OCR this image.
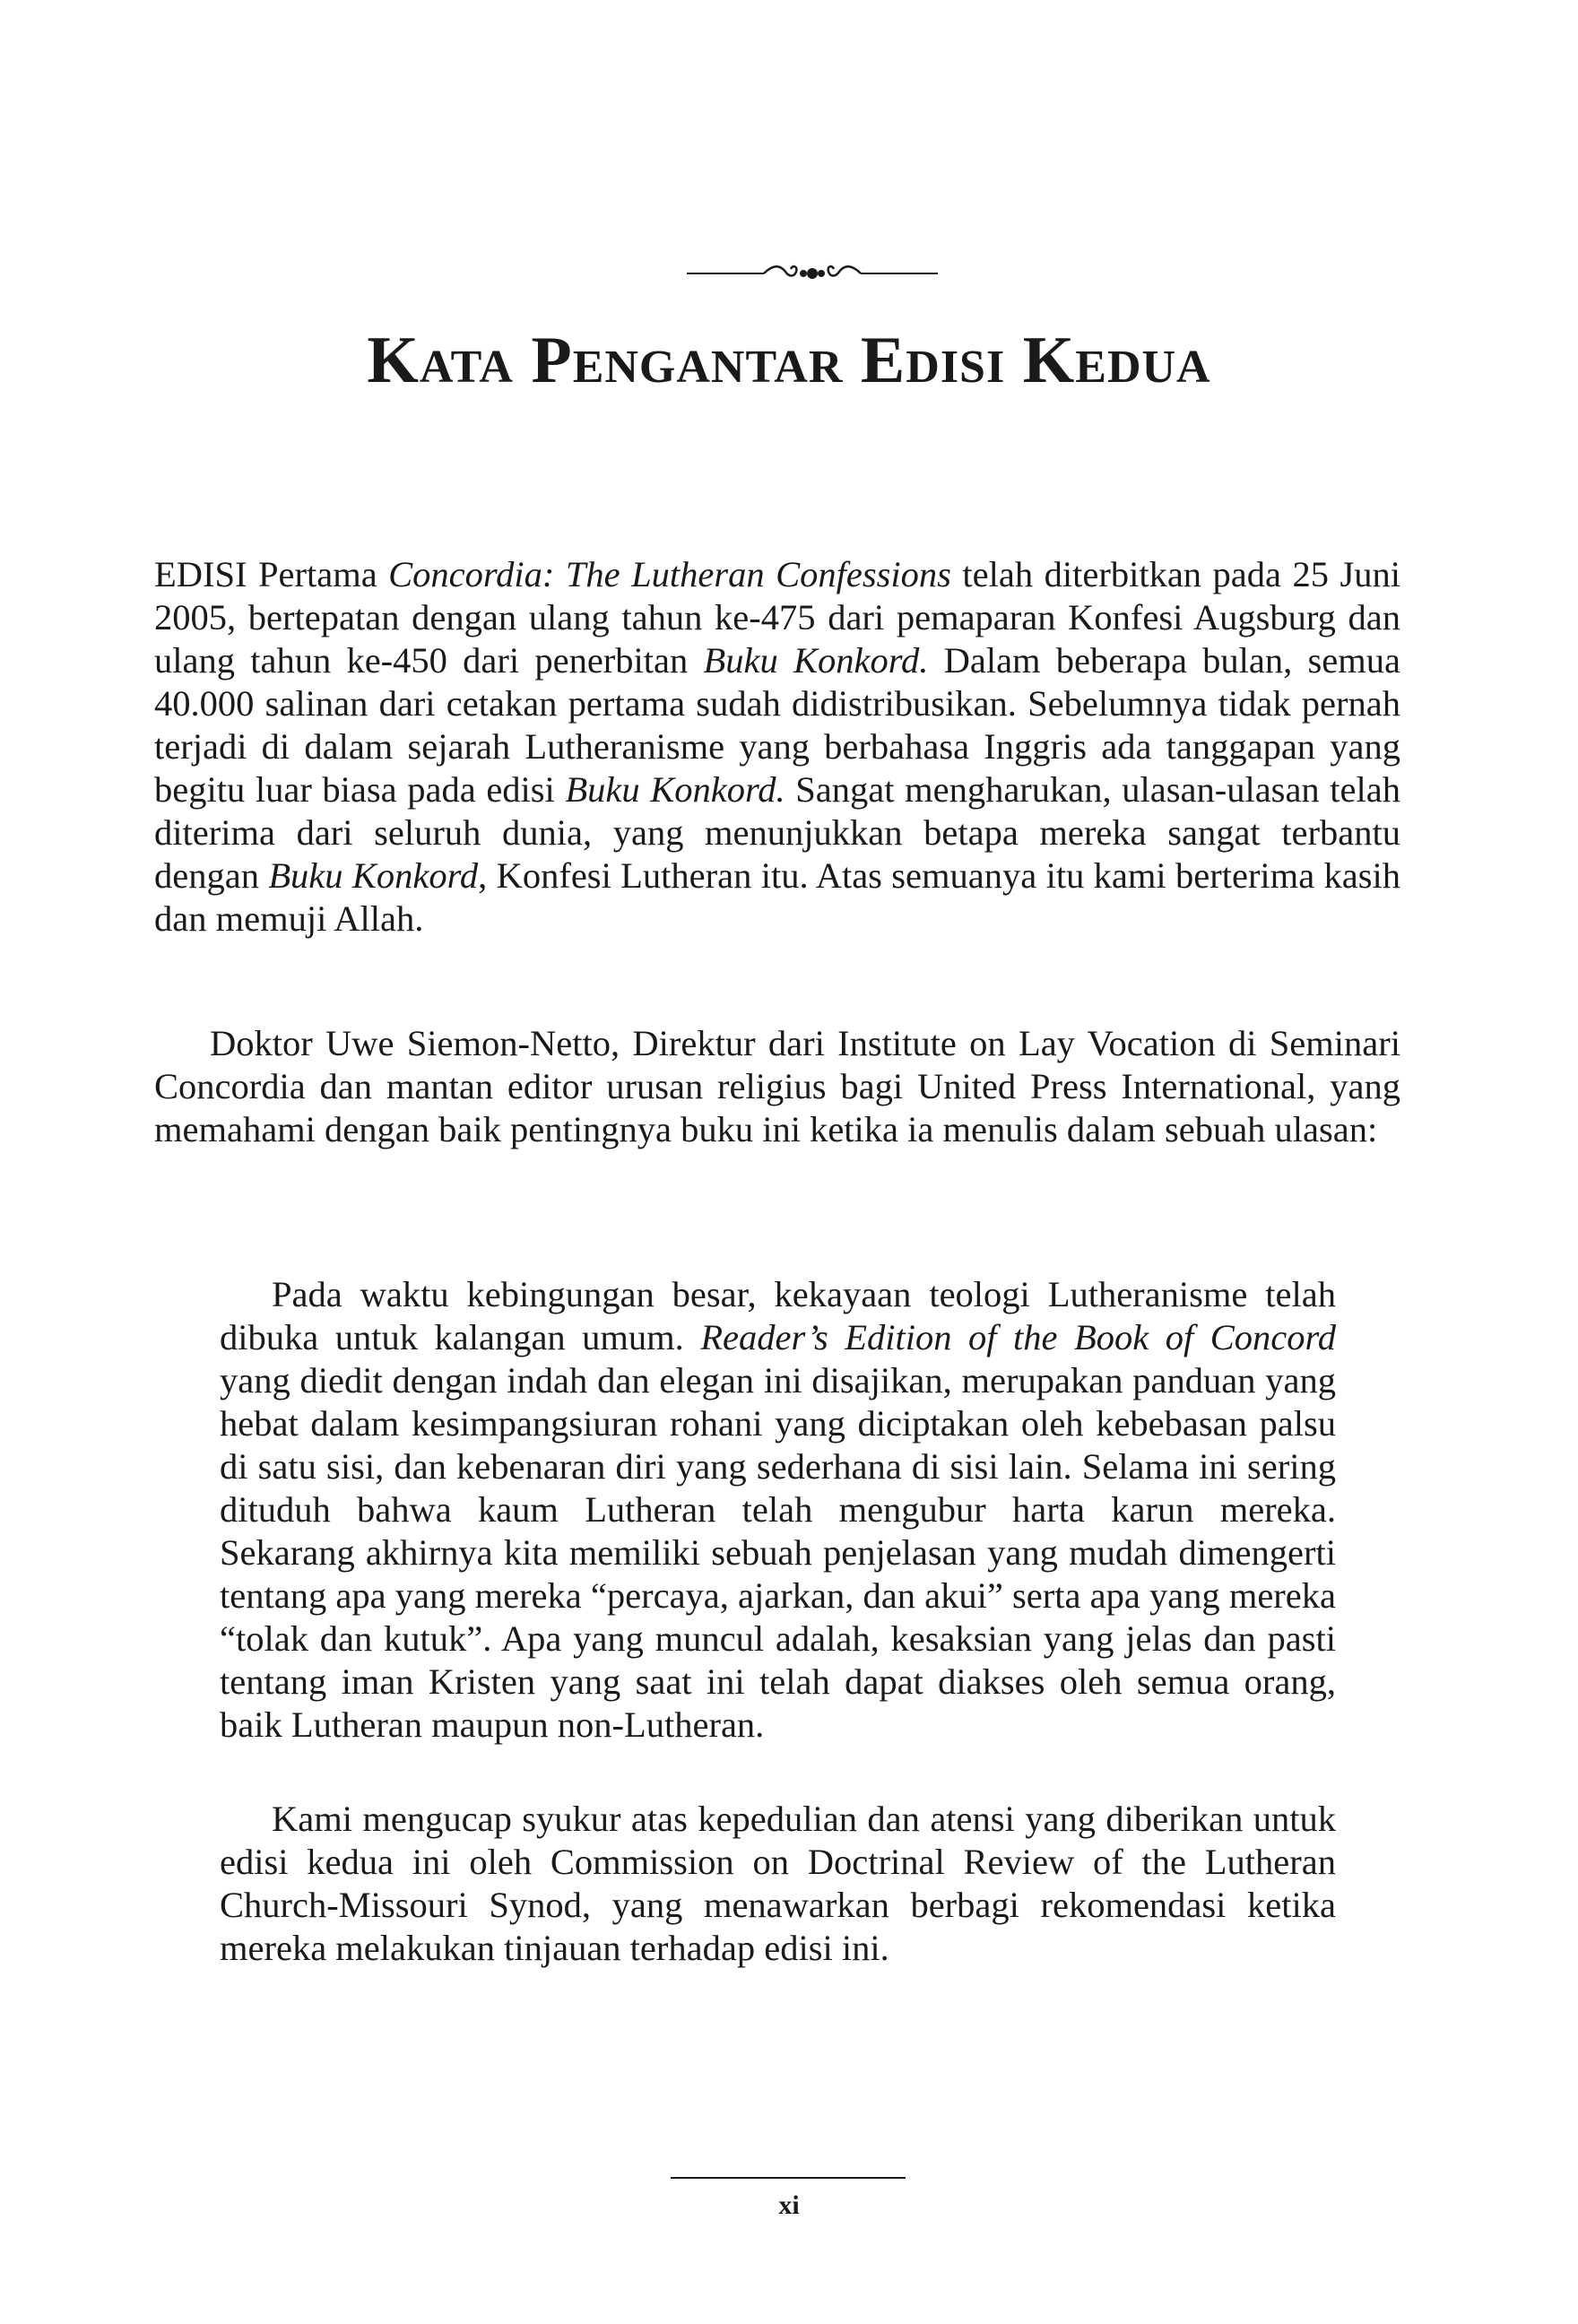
Kata Pengantar Edisi Kedua

EDISI Pertama Concordia: The Lutheran Confessions telah diterbitkan pada 25 Juni 2005, bertepatan dengan ulang tahun ke-475 dari pemaparan Konfesi Augsburg dan ulang tahun ke-450 dari penerbitan Buku Konkord. Dalam beberapa bulan, semua 40.000 salinan dari cetakan pertama sudah didistribusikan. Sebelumnya tidak pernah terjadi di dalam sejarah Lutheranisme yang berbahasa Inggris ada tanggapan yang begitu luar biasa pada edisi Buku Konkord. Sangat mengharukan, ulasan-ulasan telah diterima dari seluruh dunia, yang menunjukkan betapa mereka sangat terbantu dengan Buku Konkord, Konfesi Lutheran itu. Atas semuanya itu kami berterima kasih dan memuji Allah.

Doktor Uwe Siemon-Netto, Direktur dari Institute on Lay Vocation di Seminari Concordia dan mantan editor urusan religius bagi United Press International, yang memahami dengan baik pentingnya buku ini ketika ia menulis dalam sebuah ulasan:

Pada waktu kebingungan besar, kekayaan teologi Lutheranisme telah dibuka untuk kalangan umum. Reader’s Edition of the Book of Concord yang diedit dengan indah dan elegan ini disajikan, merupakan panduan yang hebat dalam kesimpangsiuran rohani yang diciptakan oleh kebebasan palsu di satu sisi, dan kebenaran diri yang sederhana di sisi lain. Selama ini sering dituduh bahwa kaum Lutheran telah mengubur harta karun mereka. Sekarang akhirnya kita memiliki sebuah penjelasan yang mudah dimengerti tentang apa yang mereka “percaya, ajarkan, dan akui” serta apa yang mereka “tolak dan kutuk”. Apa yang muncul adalah, kesaksian yang jelas dan pasti tentang iman Kristen yang saat ini telah dapat diakses oleh semua orang, baik Lutheran maupun non-Lutheran.

Kami mengucap syukur atas kepedulian dan atensi yang diberikan untuk edisi kedua ini oleh Commission on Doctrinal Review of the Lutheran Church-Missouri Synod, yang menawarkan berbagi rekomendasi ketika mereka melakukan tinjauan terhadap edisi ini.

xi
